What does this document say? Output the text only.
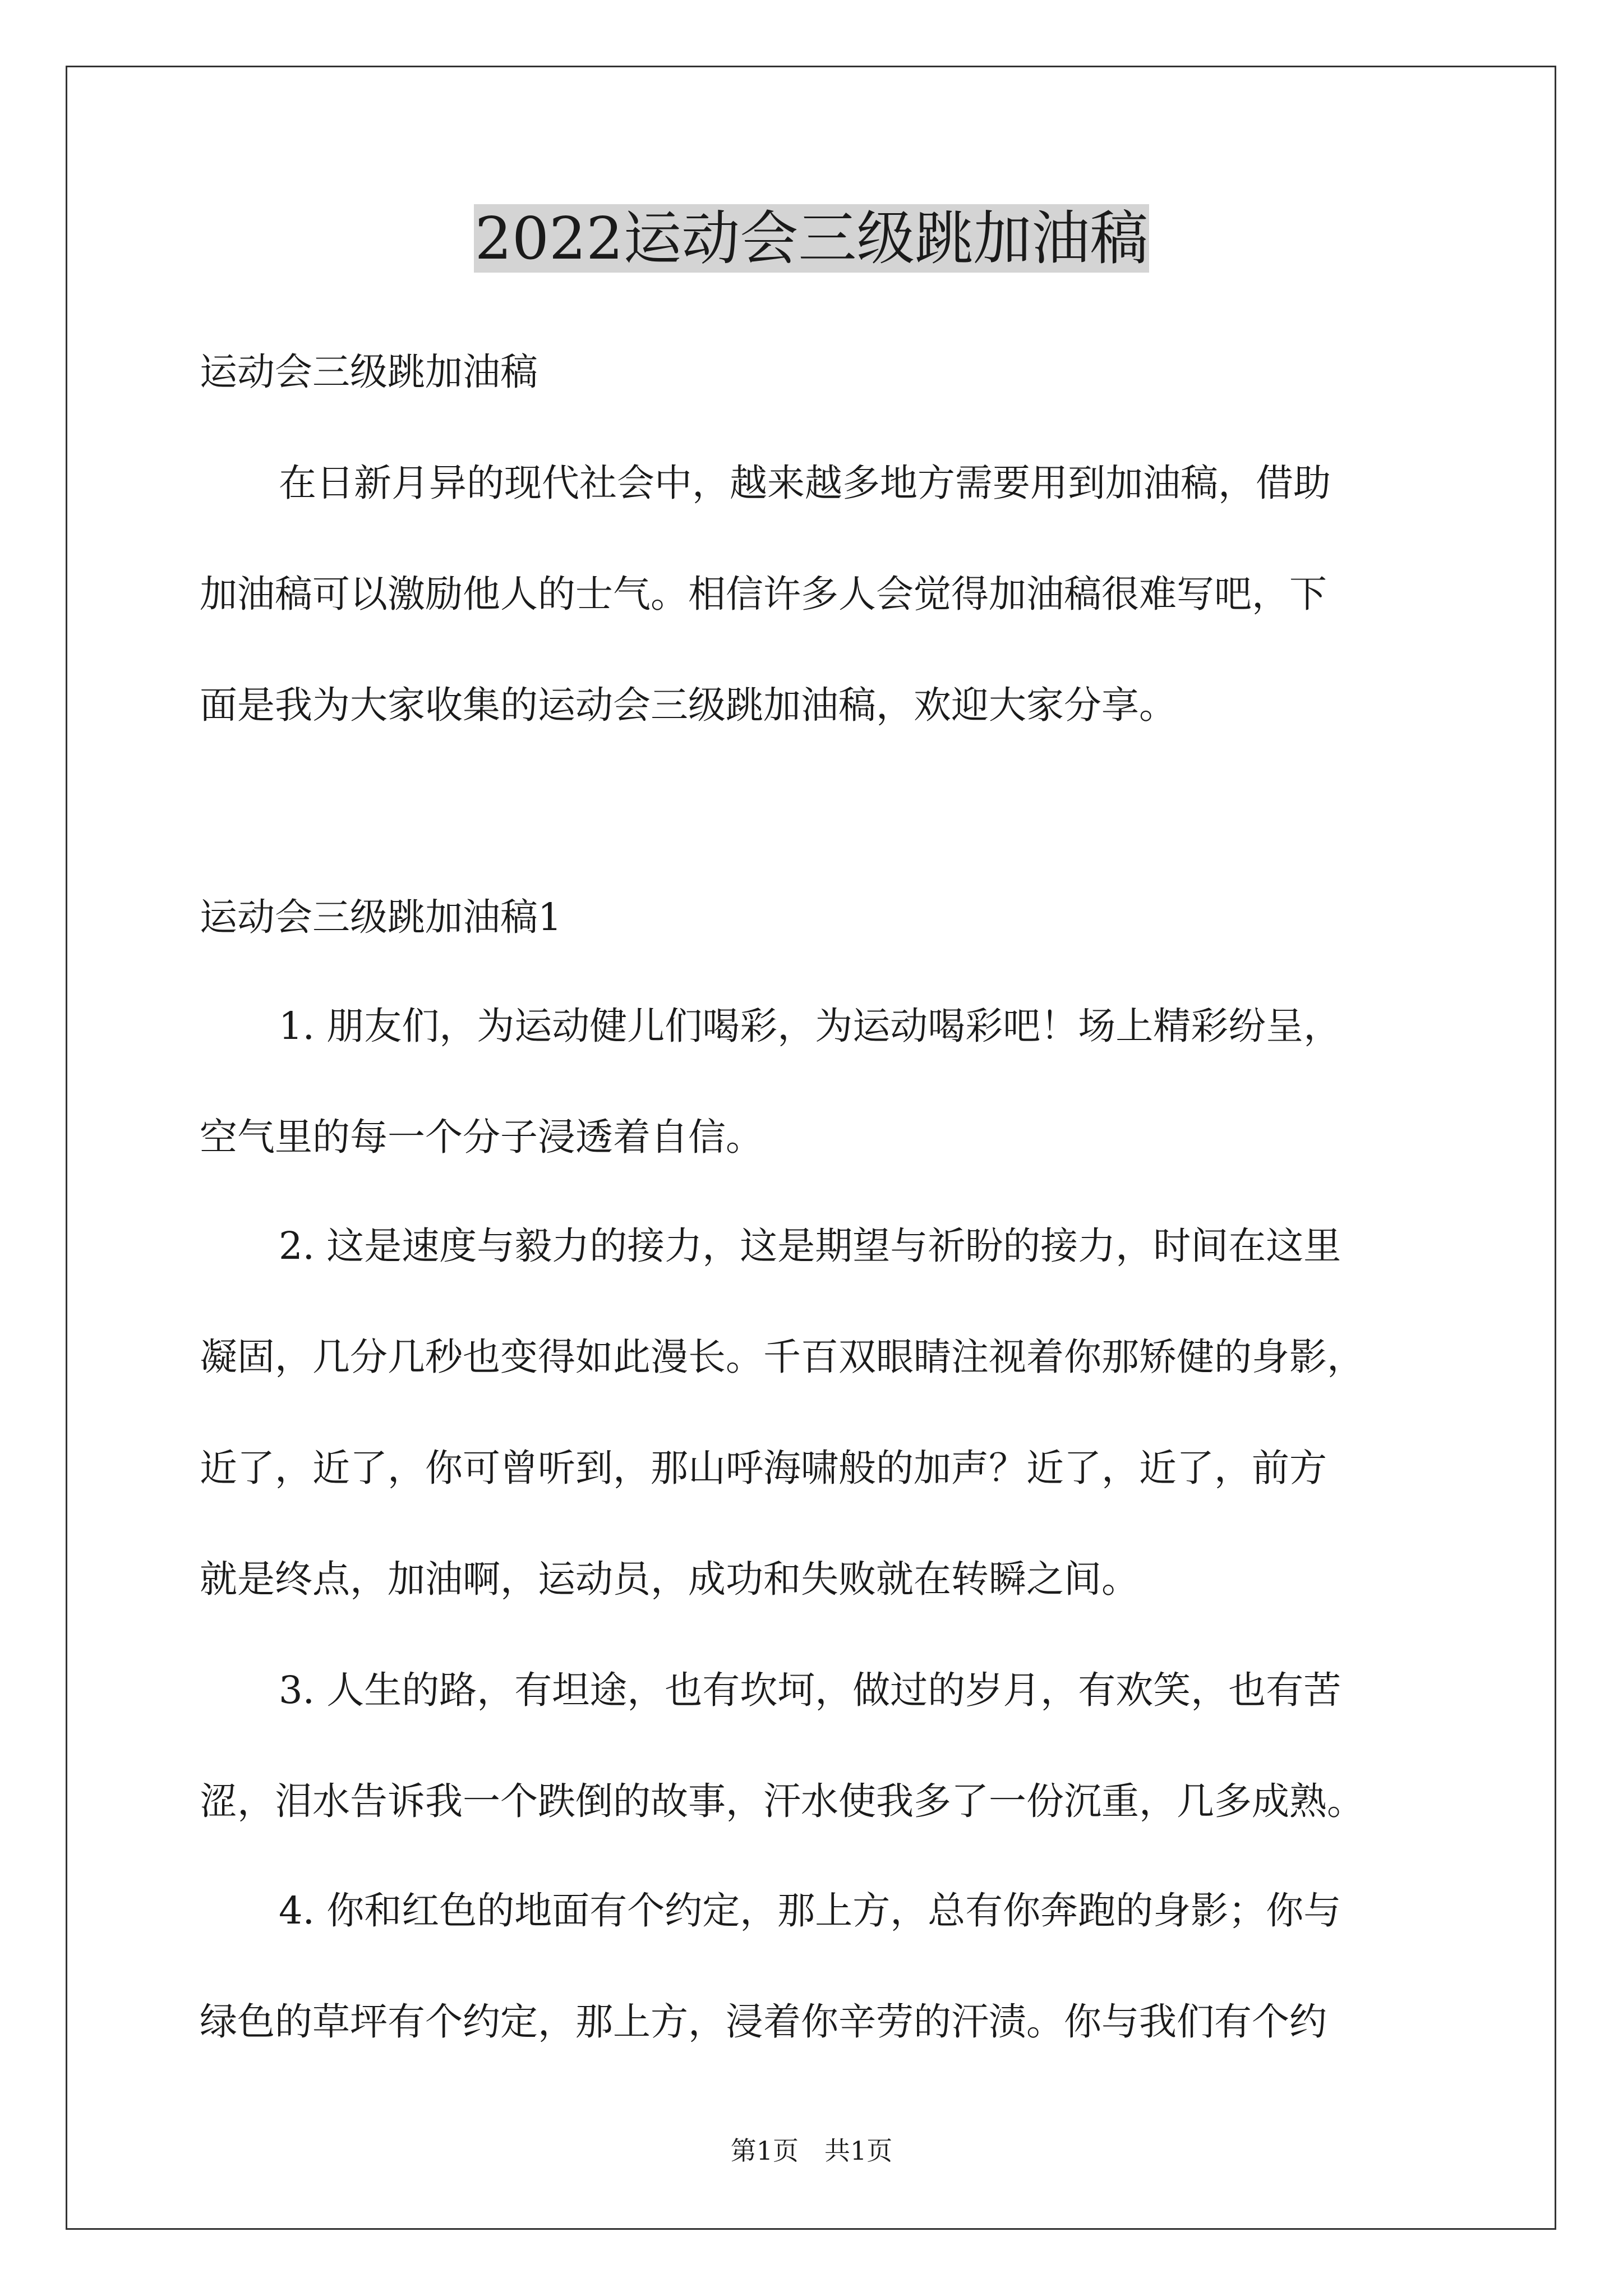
2022运动会三级跳加油稿

运动会三级跳加油稿

在日新月异的现代社会中，越来越多地方需要用到加油稿，借助

加油稿可以激励他人的士气。相信许多人会觉得加油稿很难写吧，下

面是我为大家收集的运动会三级跳加油稿，欢迎大家分享。

运动会三级跳加油稿1

1. 朋友们，为运动健儿们喝彩，为运动喝彩吧！场上精彩纷呈，

空气里的每一个分子浸透着自信。

2. 这是速度与毅力的接力，这是期望与祈盼的接力，时间在这里

凝固，几分几秒也变得如此漫长。千百双眼睛注视着你那矫健的身影，

近了，近了，你可曾听到，那山呼海啸般的加声？近了，近了，前方

就是终点，加油啊，运动员，成功和失败就在转瞬之间。

3. 人生的路，有坦途，也有坎坷，做过的岁月，有欢笑，也有苦

涩，泪水告诉我一个跌倒的故事，汗水使我多了一份沉重，几多成熟。

4. 你和红色的地面有个约定，那上方，总有你奔跑的身影；你与

绿色的草坪有个约定，那上方，浸着你辛劳的汗渍。你与我们有个约

第1页　共1页
